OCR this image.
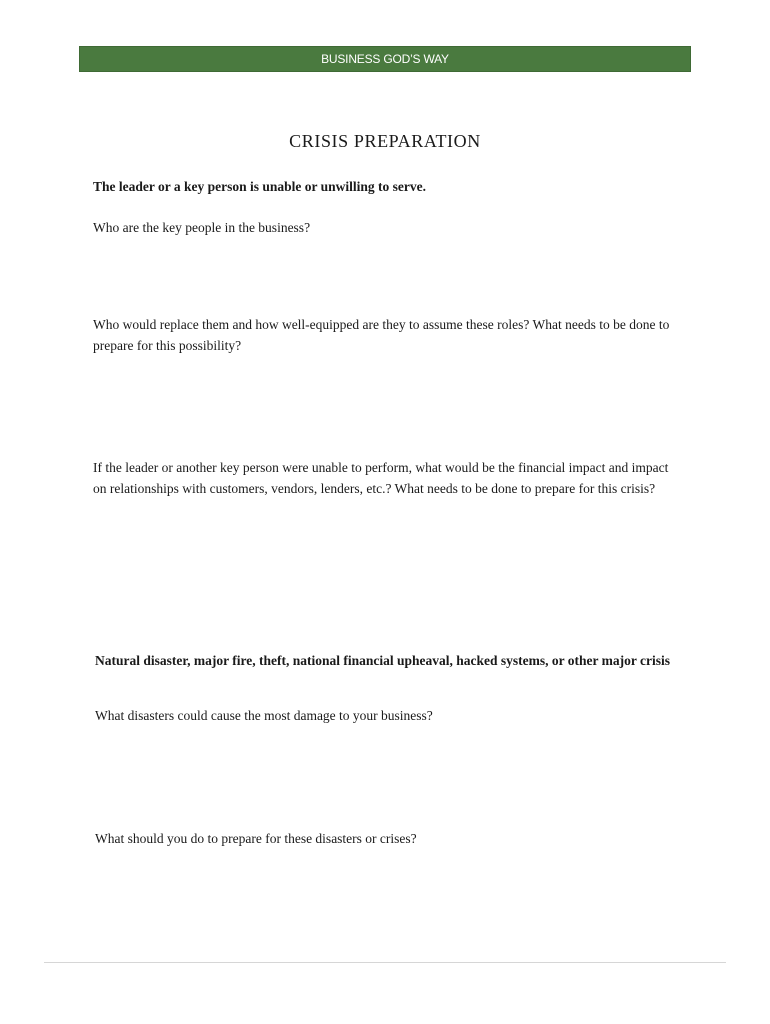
BUSINESS GOD’S WAY
CRISIS PREPARATION
The leader or a key person is unable or unwilling to serve.
Who are the key people in the business?
Who would replace them and how well-equipped are they to assume these roles? What needs to be done to prepare for this possibility?
If the leader or another key person were unable to perform, what would be the financial impact and impact on relationships with customers, vendors, lenders, etc.? What needs to be done to prepare for this crisis?
Natural disaster, major fire, theft, national financial upheaval, hacked systems, or other major crisis
What disasters could cause the most damage to your business?
What should you do to prepare for these disasters or crises?
